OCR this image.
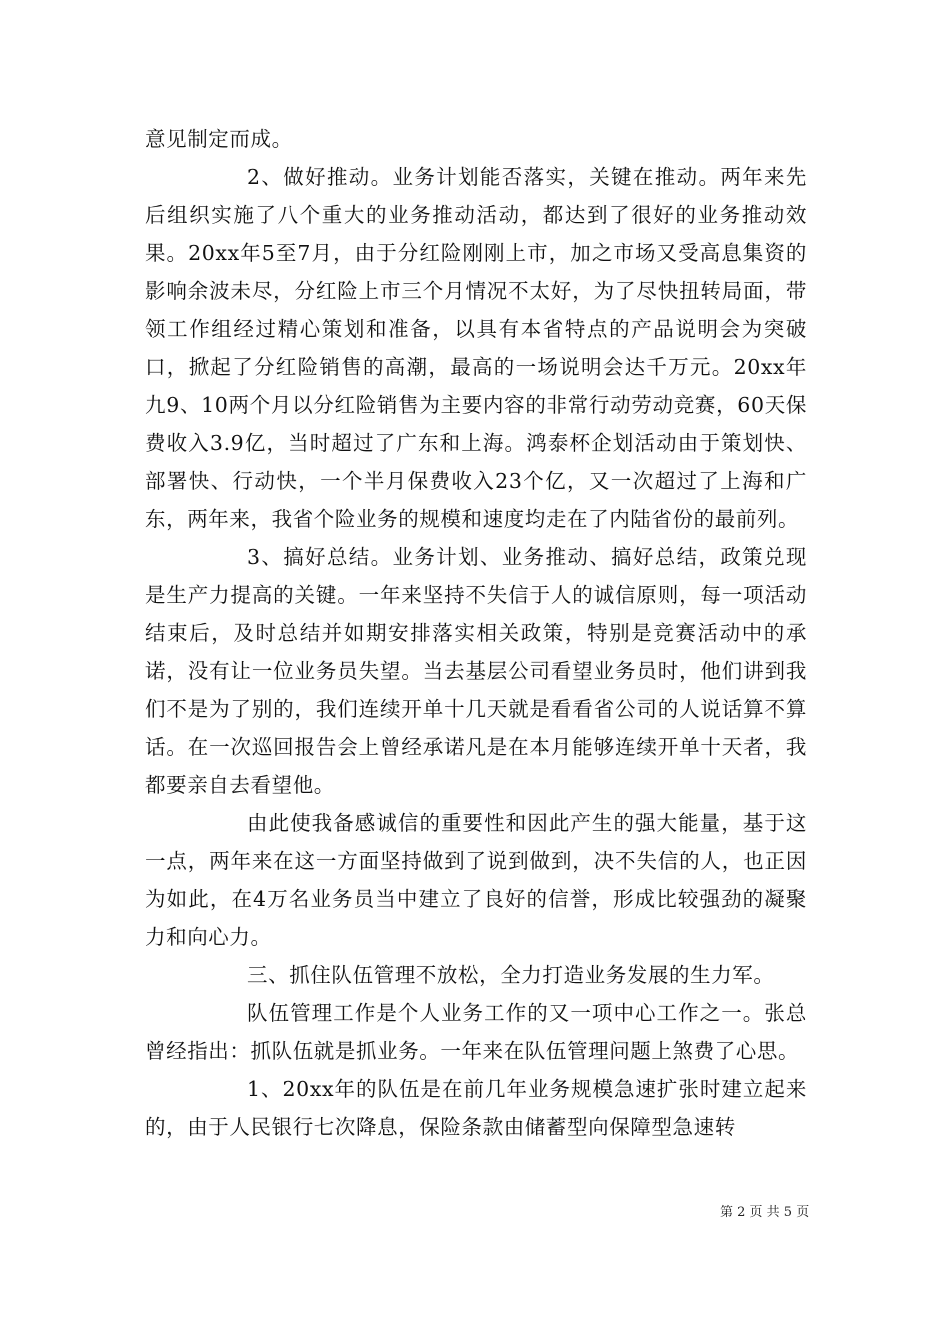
意见制定而成。

2、做好推动。业务计划能否落实，关键在推动。两年来先后组织实施了八个重大的业务推动活动，都达到了很好的业务推动效果。20xx年5至7月，由于分红险刚刚上市，加之市场又受高息集资的影响余波未尽，分红险上市三个月情况不太好，为了尽快扭转局面，带领工作组经过精心策划和准备，以具有本省特点的产品说明会为突破口，掀起了分红险销售的高潮，最高的一场说明会达千万元。20xx年九9、10两个月以分红险销售为主要内容的非常行动劳动竞赛，60天保费收入3.9亿，当时超过了广东和上海。鸿泰杯企划活动由于策划快、部署快、行动快，一个半月保费收入23个亿，又一次超过了上海和广东，两年来，我省个险业务的规模和速度均走在了内陆省份的最前列。

3、搞好总结。业务计划、业务推动、搞好总结，政策兑现是生产力提高的关键。一年来坚持不失信于人的诚信原则，每一项活动结束后，及时总结并如期安排落实相关政策，特别是竞赛活动中的承诺，没有让一位业务员失望。当去基层公司看望业务员时，他们讲到我们不是为了别的，我们连续开单十几天就是看看省公司的人说话算不算话。在一次巡回报告会上曾经承诺凡是在本月能够连续开单十天者，我都要亲自去看望他。

由此使我备感诚信的重要性和因此产生的强大能量，基于这一点，两年来在这一方面坚持做到了说到做到，决不失信的人，也正因为如此，在4万名业务员当中建立了良好的信誉，形成比较强劲的凝聚力和向心力。

三、抓住队伍管理不放松，全力打造业务发展的生力军。

队伍管理工作是个人业务工作的又一项中心工作之一。张总曾经指出：抓队伍就是抓业务。一年来在队伍管理问题上煞费了心思。

1、20xx年的队伍是在前几年业务规模急速扩张时建立起来的，由于人民银行七次降息，保险条款由储蓄型向保障型急速转

第 2 页 共 5 页
